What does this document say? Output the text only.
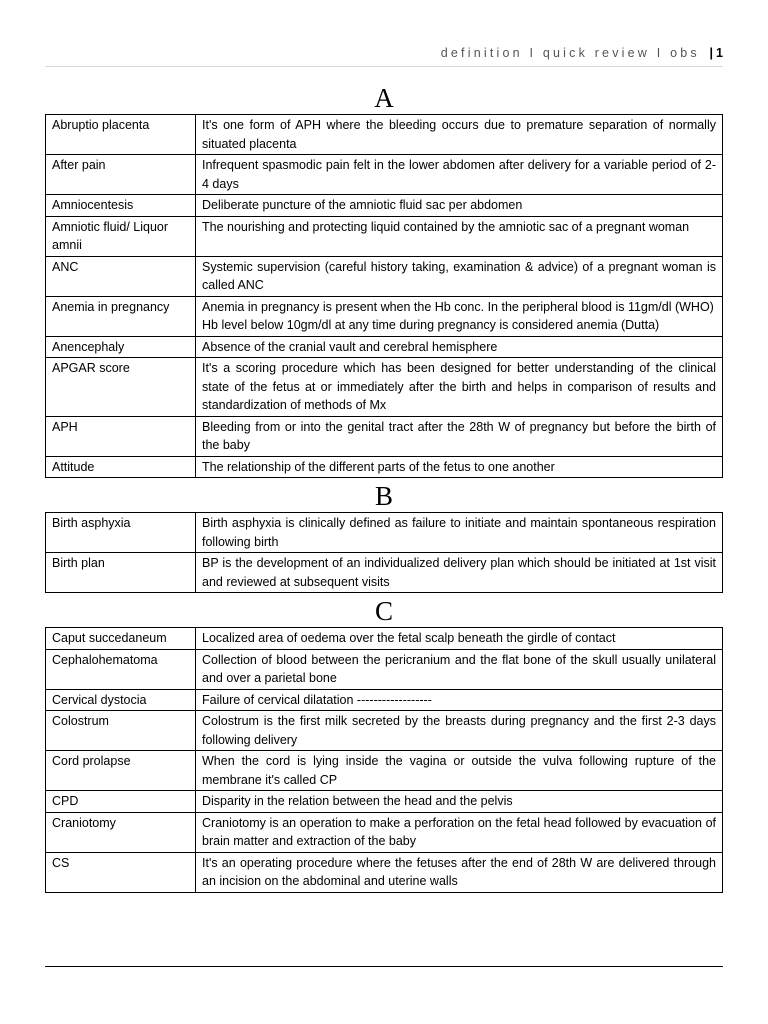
definition I quick review I obs | 1
A
Abruptio placenta	It's one form of APH where the bleeding occurs due to premature separation of normally situated placenta

After pain	Infrequent spasmodic pain felt in the lower abdomen after delivery for a variable period of 2-4 days

Amniocentesis	Deliberate puncture of the amniotic fluid sac per abdomen

Amniotic fluid/ Liquor amnii	The nourishing and protecting liquid contained by the amniotic sac of a pregnant woman

ANC	Systemic supervision (careful history taking, examination & advice) of a pregnant woman is called ANC

Anemia in pregnancy	Anemia in pregnancy is present when the Hb conc. In the peripheral blood is 11gm/dl (WHO)
Hb level below 10gm/dl at any time during pregnancy is considered anemia (Dutta)

Anencephaly	Absence of the cranial vault and cerebral hemisphere

APGAR score	It's a scoring procedure which has been designed for better understanding of the clinical state of the fetus at or immediately after the birth and helps in comparison of results and standardization of methods of Mx

APH	Bleeding from or into the genital tract after the 28th W of pregnancy but before the birth of the baby

Attitude	The relationship of the different parts of the fetus to one another
B
Birth asphyxia	Birth asphyxia is clinically defined as failure to initiate and maintain spontaneous respiration following birth

Birth plan	BP is the development of an individualized delivery plan which should be initiated at 1st visit and reviewed at subsequent visits
C
Caput succedaneum	Localized area of oedema over the fetal scalp beneath the girdle of contact

Cephalohematoma	Collection of blood between the pericranium and the flat bone of the skull usually unilateral and over a parietal bone

Cervical dystocia	Failure of cervical dilatation ------------------

Colostrum	Colostrum is the first milk secreted by the breasts during pregnancy and the first 2-3 days following delivery

Cord prolapse	When the cord is lying inside the vagina or outside the vulva following rupture of the membrane it's called CP

CPD	Disparity in the relation between the head and the pelvis

Craniotomy	Craniotomy is an operation to make a perforation on the fetal head followed by evacuation of brain matter and extraction of the baby

CS	It's an operating procedure where the fetuses after the end of 28th W are delivered through an incision on the abdominal and uterine walls
